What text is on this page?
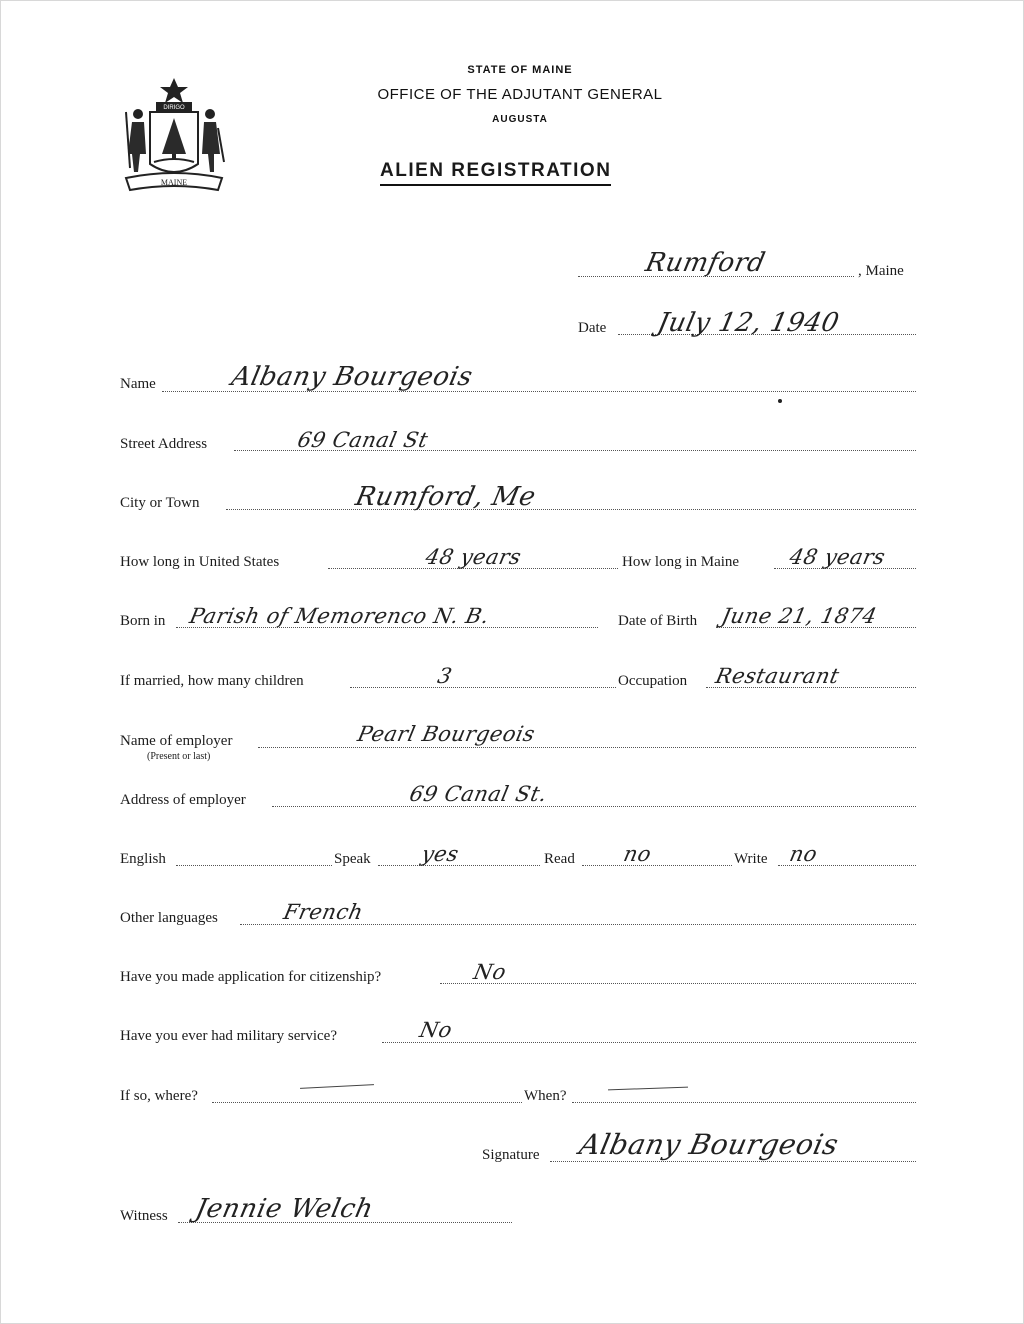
DIRIGO
MAINE
STATE OF MAINE
OFFICE OF THE ADJUTANT GENERAL
AUGUSTA
ALIEN REGISTRATION
Rumford	, Maine
Date July 12, 1940
Name	Albany Bourgeois
Street Address	69 Canal St
City or Town	Rumford, Me
How long in United States	48 years	How long in Maine 48 years
Born in Parish of Memorenco N. B.	Date of Birth June 21, 1874
If married, how many children	3	Occupation Restaurant
Name of employer
(Present or last)
Pearl Bourgeois
Address of employer	69 Canal St.
English	Speak yes	Read no	Write no
Other languages	French
Have you made application for citizenship?	No
Have you ever had military service?	No
If so, where?	When?
Signature Albany Bourgeois
Witness Jennie Welch
